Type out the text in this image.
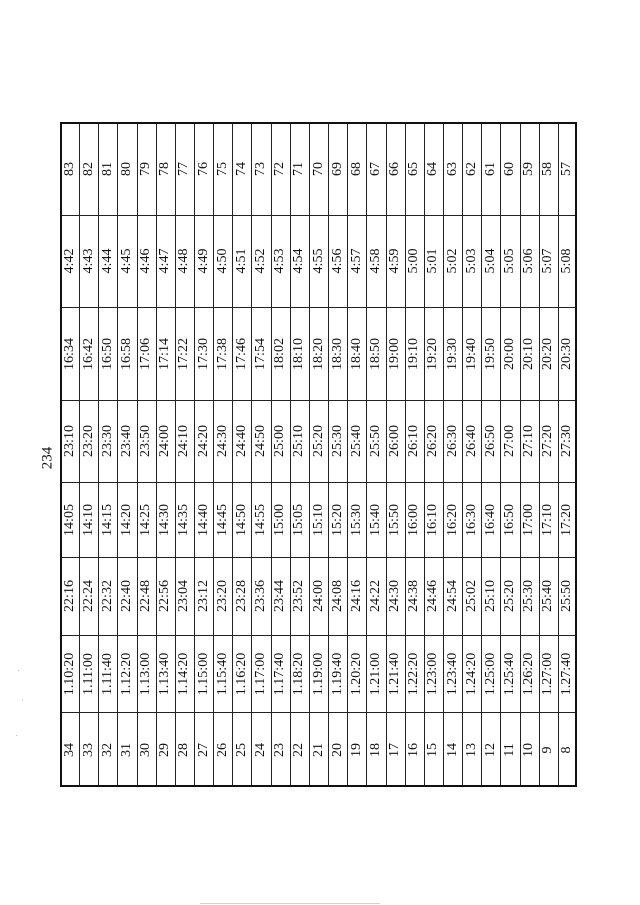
234
34
1.10:20
22:16
14:05
23:10
16:34
4:42
83
33
1.11:00
22:24
14:10
23:20
16:42
4:43
82
32
1.11:40
22:32
14:15
23:30
16:50
4:44
81
31
1.12:20
22:40
14:20
23:40
16:58
4:45
80
30
1.13:00
22:48
14:25
23:50
17:06
4:46
79
29
1.13:40
22:56
14:30
24:00
17:14
4:47
78
28
1.14:20
23:04
14:35
24:10
17:22
4:48
77
27
1.15:00
23:12
14:40
24:20
17:30
4:49
76
26
1.15:40
23:20
14:45
24:30
17:38
4:50
75
25
1.16:20
23:28
14:50
24:40
17:46
4:51
74
24
1.17:00
23:36
14:55
24:50
17:54
4:52
73
23
1.17:40
23:44
15:00
25:00
18:02
4:53
72
22
1.18:20
23:52
15:05
25:10
18:10
4:54
71
21
1.19:00
24:00
15:10
25:20
18:20
4:55
70
20
1.19:40
24:08
15:20
25:30
18:30
4:56
69
19
1.20:20
24:16
15:30
25:40
18:40
4:57
68
18
1.21:00
24:22
15:40
25:50
18:50
4:58
67
17
1.21:40
24:30
15:50
26:00
19:00
4:59
66
16
1.22:20
24:38
16:00
26:10
19:10
5:00
65
15
1.23:00
24:46
16:10
26:20
19:20
5:01
64
14
1.23:40
24:54
16:20
26:30
19:30
5:02
63
13
1.24:20
25:02
16:30
26:40
19:40
5:03
62
12
1.25:00
25:10
16:40
26:50
19:50
5:04
61
11
1.25:40
25:20
16:50
27:00
20:00
5:05
60
10
1.26:20
25:30
17:00
27:10
20:10
5:06
59
9
1.27:00
25:40
17:10
27:20
20:20
5:07
58
8
1.27:40
25:50
17:20
27:30
20:30
5:08
57
